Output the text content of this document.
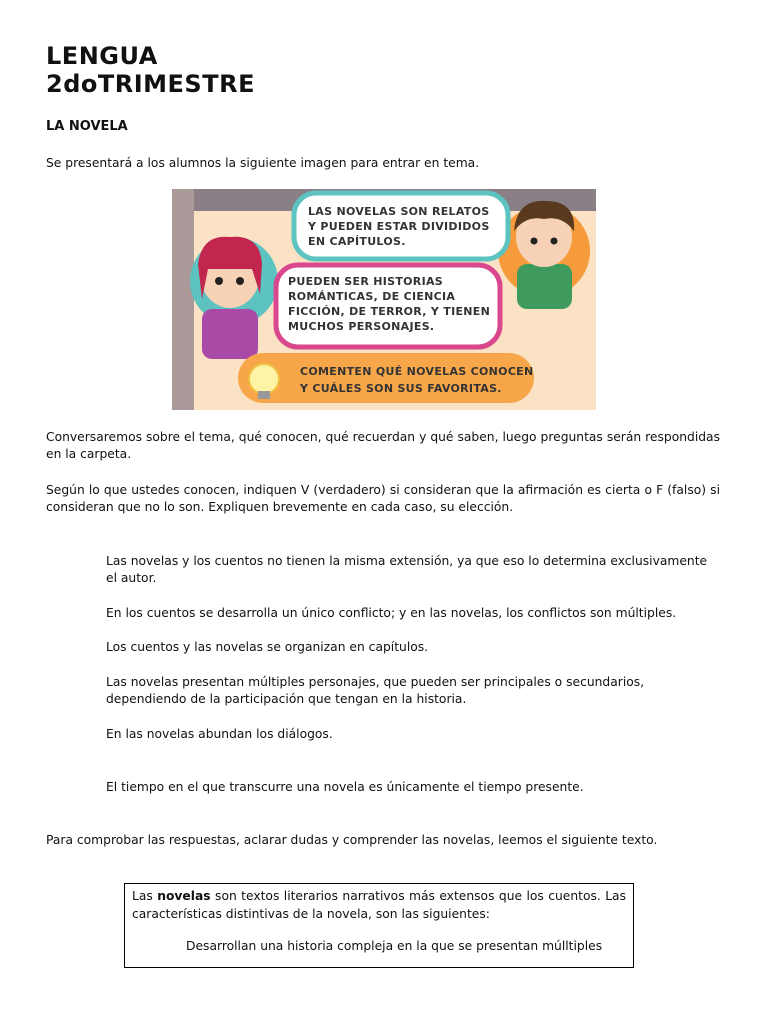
LENGUA
2doTRIMESTRE
LA NOVELA
Se presentará a los alumnos la siguiente imagen para entrar en tema.
LAS NOVELAS SON RELATOS
Y PUEDEN ESTAR DIVIDIDOS
EN CAPÍTULOS.
PUEDEN SER HISTORIAS
ROMÁNTICAS, DE CIENCIA
FICCIÓN, DE TERROR, Y TIENEN
MUCHOS PERSONAJES.
COMENTEN QUÉ NOVELAS CONOCEN
Y CUÁLES SON SUS FAVORITAS.
Conversaremos sobre el tema, qué conocen, qué recuerdan y qué saben, luego preguntas serán respondidas en la carpeta.
Según lo que ustedes conocen, indiquen V (verdadero) si consideran que la afirmación es cierta o F (falso) si consideran que no lo son. Expliquen brevemente en cada caso, su elección.
Las novelas y los cuentos no tienen la misma extensión, ya que eso lo determina exclusivamente el autor.
En los cuentos se desarrolla un único conflicto; y en las novelas, los conflictos son múltiples.
Los cuentos y las novelas se organizan en capítulos.
Las novelas presentan múltiples personajes, que pueden ser principales o secundarios, dependiendo de la participación que tengan en la historia.
En las novelas abundan los diálogos.
El tiempo en el que transcurre una novela es únicamente el tiempo presente.
Para comprobar las respuestas, aclarar dudas y comprender las novelas, leemos el siguiente texto.
Las novelas son textos literarios narrativos más extensos que los cuentos. Las características distintivas de la novela, son las siguientes:
Desarrollan una historia compleja en la que se presentan múlltiples
